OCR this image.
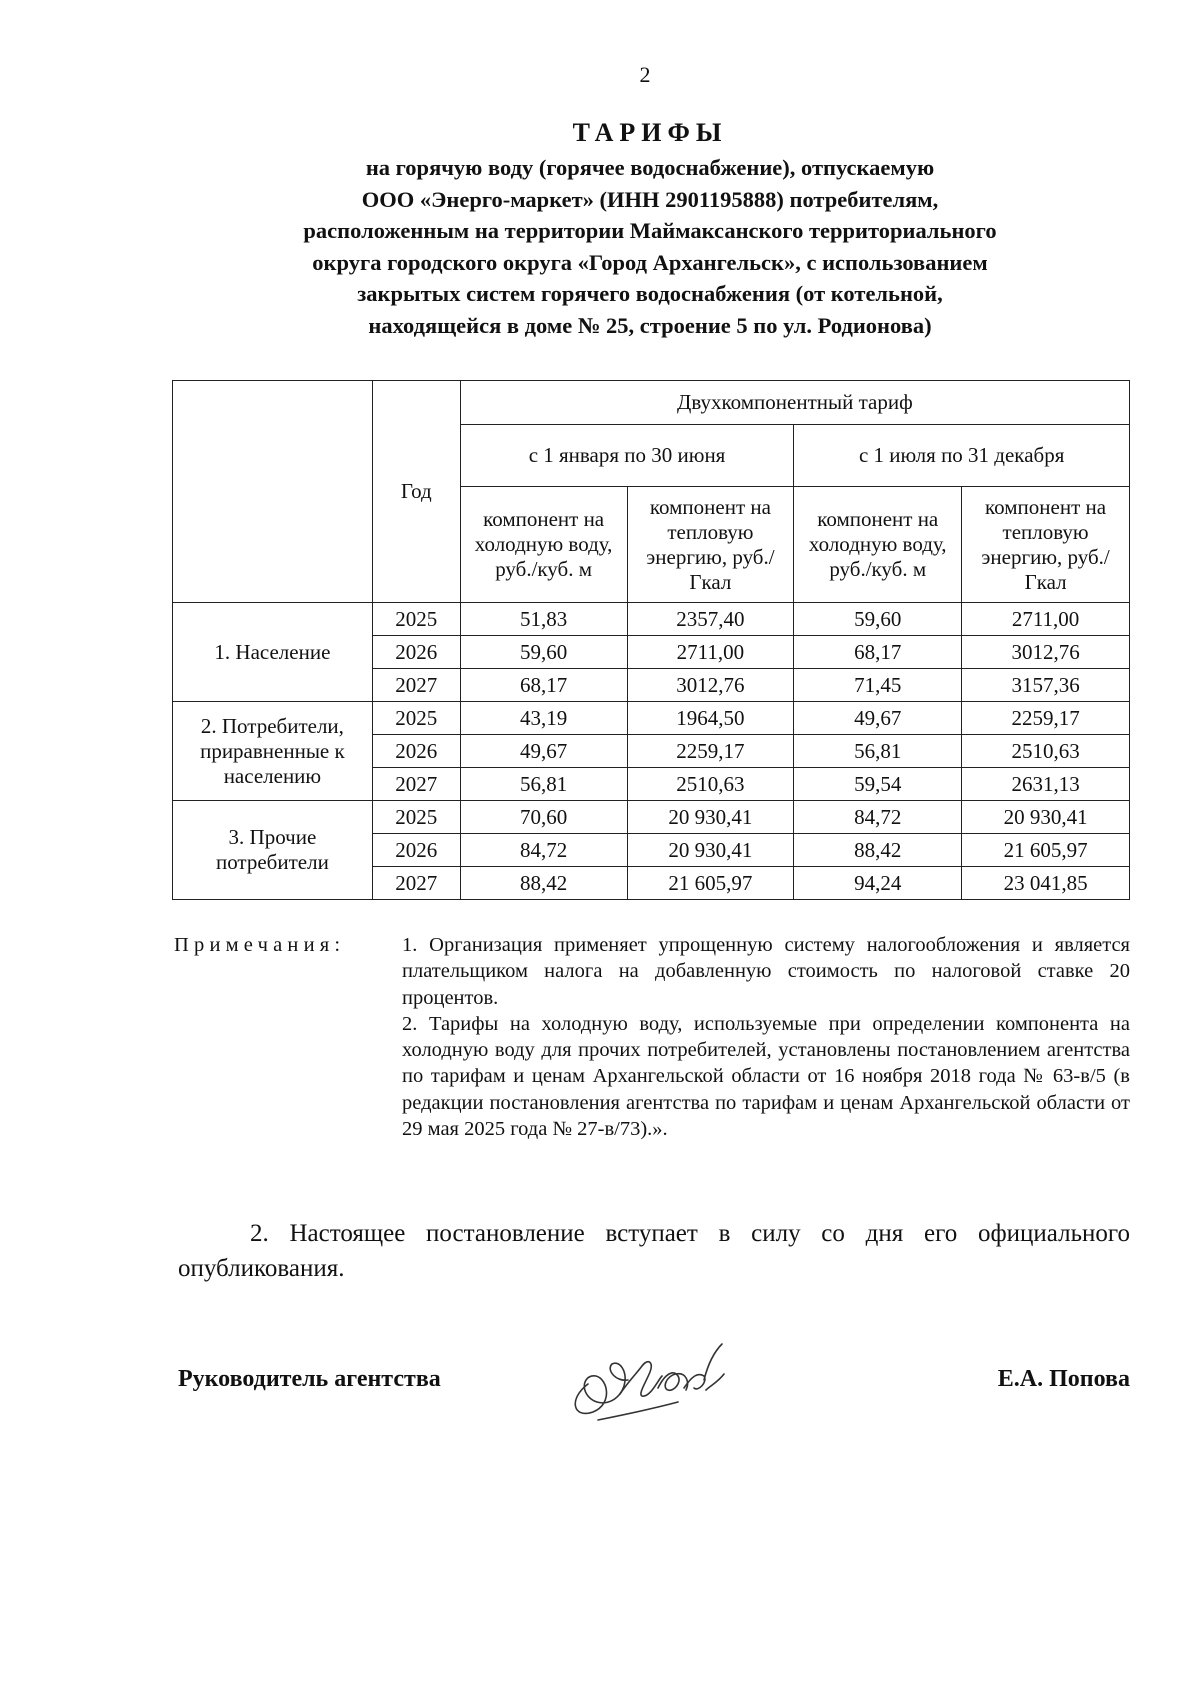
2
ТАРИФЫ
на горячую воду (горячее водоснабжение), отпускаемую
ООО «Энерго-маркет» (ИНН 2901195888) потребителям,
расположенным на территории Маймаксанского территориального
округа городского округа «Город Архангельск», с использованием
закрытых систем горячего водоснабжения (от котельной,
находящейся в доме № 25, строение 5 по ул. Родионова)
	Год	Двухкомпонентный тариф			
		с 1 января по 30 июня		с 1 июля по 31 декабря	
		компонент на холодную воду, руб./куб. м	компонент на тепловую энергию, руб./Гкал	компонент на холодную воду, руб./куб. м	компонент на тепловую энергию, руб./Гкал
1. Население	2025	51,83	2357,40	59,60	2711,00
	2026	59,60	2711,00	68,17	3012,76
	2027	68,17	3012,76	71,45	3157,36
2. Потребители, приравненные к населению	2025	43,19	1964,50	49,67	2259,17
	2026	49,67	2259,17	56,81	2510,63
	2027	56,81	2510,63	59,54	2631,13
3. Прочие потребители	2025	70,60	20 930,41	84,72	20 930,41
	2026	84,72	20 930,41	88,42	21 605,97
	2027	88,42	21 605,97	94,24	23 041,85
Примечания:	1. Организация применяет упрощенную систему налогообложения и является плательщиком налога на добавленную стоимость по налоговой ставке 20 процентов.

2. Тарифы на холодную воду, используемые при определении компонента на холодную воду для прочих потребителей, установлены постановлением агентства по тарифам и ценам Архангельской области от 16 ноября 2018 года № 63-в/5 (в редакции постановления агентства по тарифам и ценам Архангельской области от 29 мая 2025 года № 27-в/73).».

2. Настоящее постановление вступает в силу со дня его официального опубликования.
Руководитель агентства	Е.А. Попова
